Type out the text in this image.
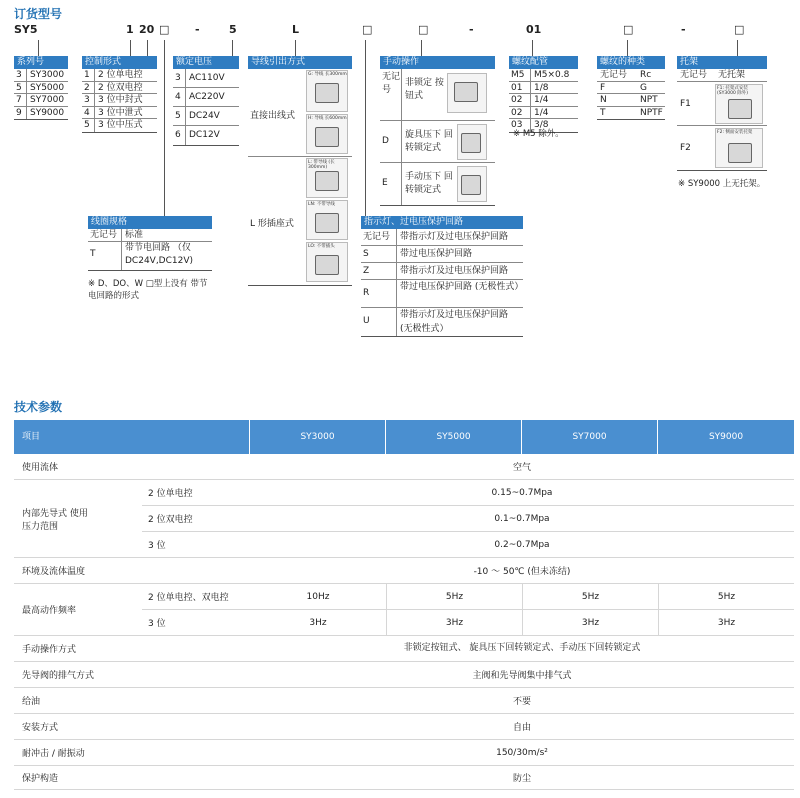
订货型号
SY5	1 20 □ -	5	L	□	□	-	01	□	-	□
系列号
3 SY3000
5 SY5000
7 SY7000
9 SY9000
控制形式
1 2 位单电控
2 2 位双电控
3 3 位中封式
4 3 位中泄式
5 3 位中压式
额定电压
3 AC110V
4 AC220V
5 DC24V
6 DC12V
导线引出方式
直接出线式
L 形插座式
G: 导线 长300mm
H: 导线 长600mm
L: 带导线 (长300mm)
LN: 不带导线
LO: 不带插头
手动操作
无记号
非锁定 按钮式
D
旋具压下 回转锁定式
E
手动压下 回转锁定式
螺纹配管
M5	M5×0.8
01	1/8
02	1/4
02	1/4
03	3/8
※ M5 除外。
螺纹的种类
无记号	Rc
F	G
N	NPT
T	NPTF
托架
无记号	无托架
F1
F1: 托架式安装 (SY3000 除外)
F2
F2: 侧面安装托架
※ SY9000 上无托架。
线圈规格
无记号 标准
T
带节电回路 （仅 DC24V,DC12V)
※ D、DO、W □型上没有 带节电回路的形式
指示灯、过电压保护回路
无记号	带指示灯及过电压保护回路
S	带过电压保护回路
Z	带指示灯及过电压保护回路
R
带过电压保护回路 (无极性式）
U
带指示灯及过电压保护回路 (无极性式）
技术参数
项目	SY3000	SY5000	SY7000	SY9000
使用流体	空气
内部先导式 使用压力范围
2 位单电控	0.15~0.7Mpa
2 位双电控	0.1~0.7Mpa
3 位	0.2~0.7Mpa
环境及流体温度	-10 ～ 50℃ (但未冻结)
最高动作频率
2 位单电控、双电控	10Hz	5Hz	5Hz	5Hz
3 位	3Hz	3Hz	3Hz	3Hz
手动操作方式	非锁定按钮式、 旋具压下回转锁定式、手动压下回转锁定式
先导阀的排气方式	主阀和先导阀集中排气式
给油	不要
安装方式	自由
耐冲击 / 耐振动	150/30m/s²
保护构造	防尘
